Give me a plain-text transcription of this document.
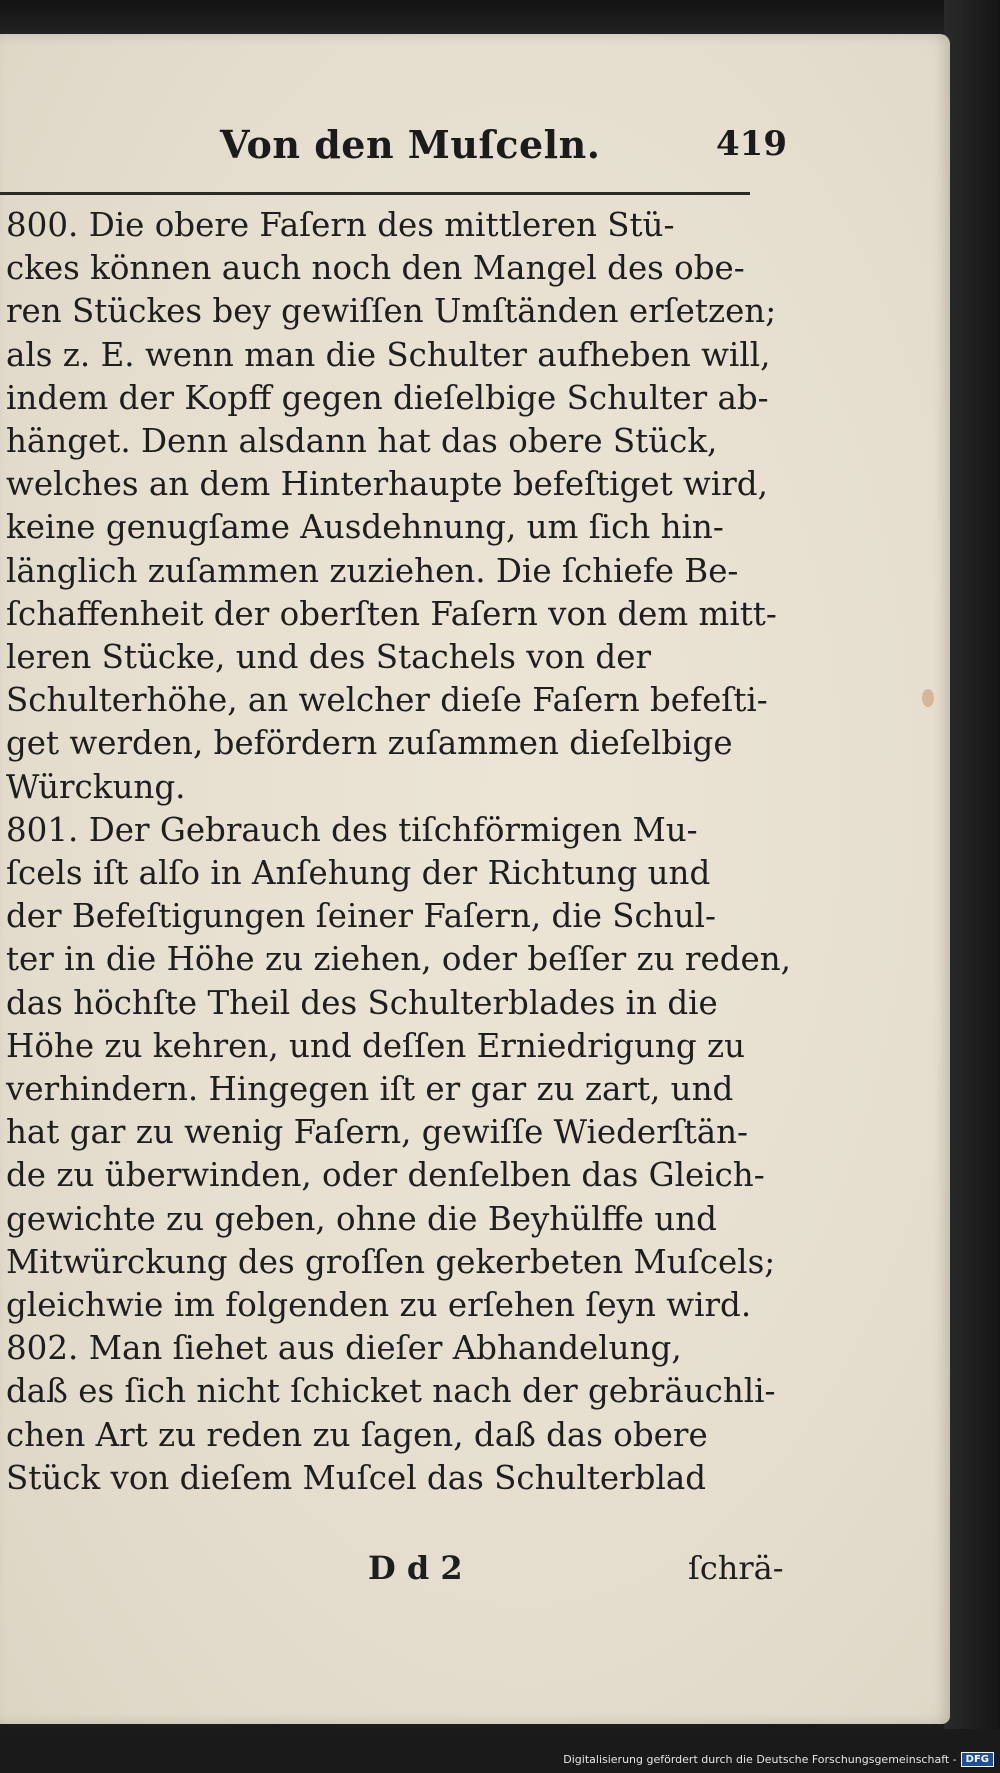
Von den Muſceln.	419
800. Die obere Faſern des mittleren Stü-
ckes können auch noch den Mangel des obe-
ren Stückes bey gewiſſen Umſtänden erſetzen;
als z. E. wenn man die Schulter aufheben will,
indem der Kopff gegen dieſelbige Schulter ab-
hänget. Denn alsdann hat das obere Stück,
welches an dem Hinterhaupte befeſtiget wird,
keine genugſame Ausdehnung, um ſich hin-
länglich zuſammen zuziehen. Die ſchiefe Be-
ſchaffenheit der oberſten Faſern von dem mitt-
leren Stücke, und des Stachels von der
Schulterhöhe, an welcher dieſe Faſern befeſti-
get werden, befördern zuſammen dieſelbige
Würckung.
801. Der Gebrauch des tiſchförmigen Mu-
ſcels iſt alſo in Anſehung der Richtung und
der Befeſtigungen ſeiner Faſern, die Schul-
ter in die Höhe zu ziehen, oder beſſer zu reden,
das höchſte Theil des Schulterblades in die
Höhe zu kehren, und deſſen Erniedrigung zu
verhindern. Hingegen iſt er gar zu zart, und
hat gar zu wenig Faſern, gewiſſe Wiederſtän-
de zu überwinden, oder denſelben das Gleich-
gewichte zu geben, ohne die Beyhülffe und
Mitwürckung des groſſen gekerbeten Muſcels;
gleichwie im folgenden zu erſehen ſeyn wird.
802. Man ſiehet aus dieſer Abhandelung,
daß es ſich nicht ſchicket nach der gebräuchli-
chen Art zu reden zu ſagen, daß das obere
Stück von dieſem Muſcel das Schulterblad
D d 2	ſchrä-
Digitalisierung gefördert durch die Deutsche Forschungsgemeinschaft - DFG
